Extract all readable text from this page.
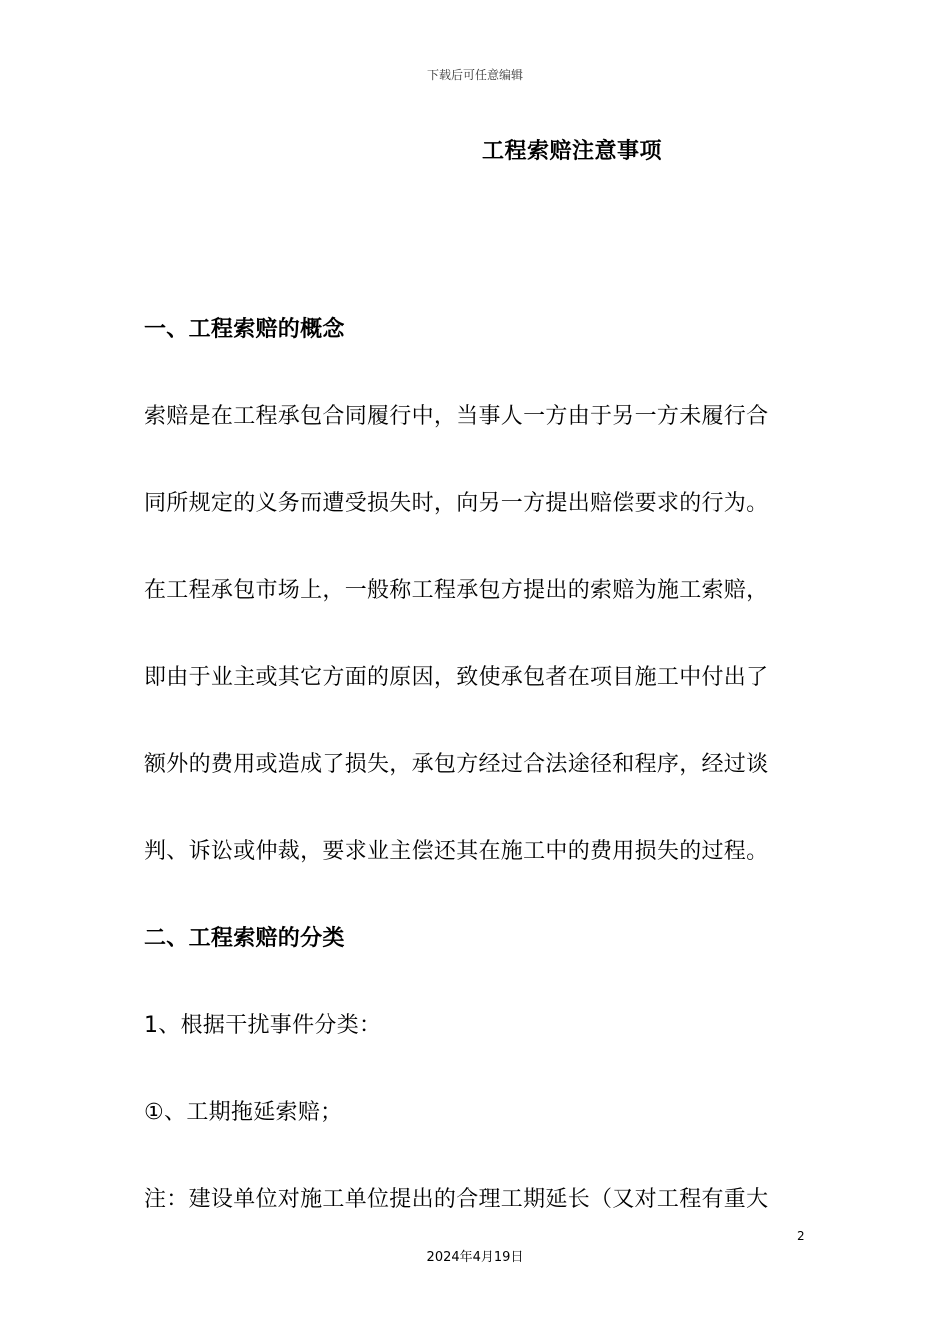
下载后可任意编辑
工程索赔注意事项
一、工程索赔的概念
索赔是在工程承包合同履行中，当事人一方由于另一方未履行合
同所规定的义务而遭受损失时，向另一方提出赔偿要求的行为。
在工程承包市场上，一般称工程承包方提出的索赔为施工索赔，
即由于业主或其它方面的原因，致使承包者在项目施工中付出了
额外的费用或造成了损失，承包方经过合法途径和程序，经过谈
判、诉讼或仲裁，要求业主偿还其在施工中的费用损失的过程。
二、工程索赔的分类
1、根据干扰事件分类：
①、工期拖延索赔；
注：建设单位对施工单位提出的合理工期延长（又对工程有重大
2
2024年4月19日
